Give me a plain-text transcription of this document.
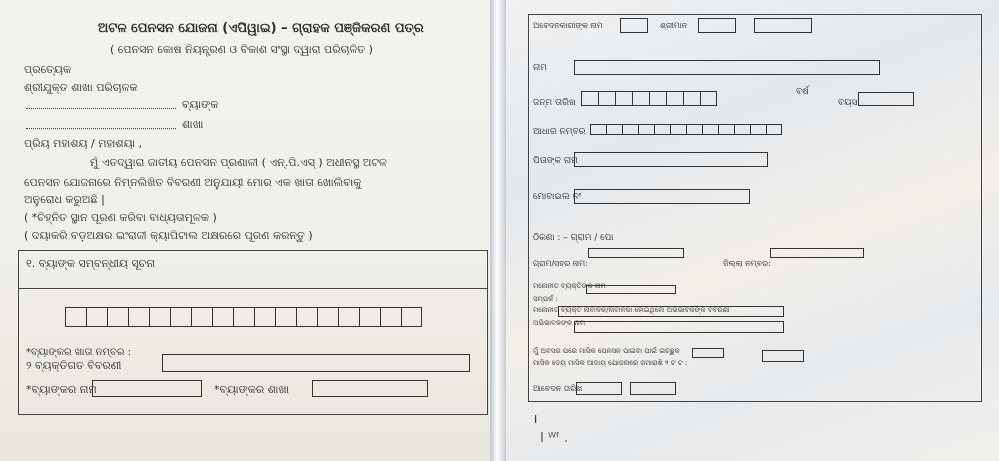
ଅଟଳ ପେନସନ ଯୋଜନା (ଏପିୱାଇ) – ଗ୍ରାହକ ପଞ୍ଜିକରଣ ପତ୍ର
( ପେନସନ କୋଷ ନିୟନ୍ତ୍ରଣ ଓ ବିକାଶ ସଂସ୍ଥା ଦ୍ୱାରା ପରିଚାଳିତ )
ପ୍ରତ୍ୟେକ
ଶ୍ରୀଯୁକ୍ତ ଶାଖା ପରିଚାଳକ
ବ୍ୟାଙ୍କ
ଶାଖା
ପ୍ରିୟ ମହାଶୟ / ମହାଶୟା ,
ମୁଁ ଏତଦ୍ୱାରା ଜାତୀୟ ପେନସନ ପ୍ରଣାଳୀ ( ଏନ୍.ପି.ଏସ୍ ) ଅଧୀନସ୍ଥ ଅଟଳ
ପେନସନ ଯୋଜନାରେ ନିମ୍ନଲିଖିତ ବିବରଣୀ ଅନୁଯାୟୀ ମୋର ଏକ ଖାତା ଖୋଲିବାକୁ
ଅନୁରୋଧ କରୁଅଛି |
( *ଚିହ୍ନିତ ସ୍ଥାନ ପୂରଣ କରିବା ବାଧ୍ୟତାମୂଳକ )
( ଦୟାକରି ବଡ଼ଅକ୍ଷର ଇଂରାଜୀ କ୍ୟାପିଟାଲ ଅକ୍ଷରରେ ପୂରଣ କରନ୍ତୁ )
୧. ବ୍ୟାଙ୍କ ସମ୍ବନ୍ଧୀୟ ସୂଚନା
*ବ୍ୟାଙ୍କର ଖାତା ନମ୍ବର :
୨ ବ୍ୟକ୍ତିଗତ ବିବରଣୀ
*ବ୍ୟାଙ୍କର ନାମ	*ବ୍ୟାଙ୍କର ଶାଖା
ଅବେଦନକାରୀଙ୍କ ନାମ	ଶ୍ରୀମାନ
ନାମ
ଜନ୍ମ ତାରିଖ
ବର୍ଷ
ବୟସ
ଆଧାର ନମ୍ବର
ପିତାଙ୍କ ନାମ
ମୋବାଇଲ ନଂ
ଠିକଣା : – ଗ୍ରାମ / ପୋ
ଗ୍ରାମ/ସହର ନାମ:	ଜିଲ୍ଲା ନମ୍ବର:
ମନୋନୀତ ବ୍ୟକ୍ତିଙ୍କ ନାମ
ସମ୍ପର୍କ :
ମନୋନୀତ ବ୍ୟକ୍ତି ନାବାଳକ/ନାବାଳିକା ହୋଇଥିଲେ ଅଭିଭାବକଙ୍କ ବିବରଣୀ
ଅଭିଭାବକଙ୍କ ନାମ
ମୁଁ ଅବସର ପରେ ମାସିକ ପେନସନ ପାଇବା ପାଇଁ ଇଚ୍ଛୁକ
ମାସିକ ଦେୟ ମାସିକ ଆଦାୟ ଯୋଜନାରେ ଜମାରାଶି ୨ ଟ ଟ :
ଆବେଦନ ତାରିଖ
I
I ᵂᶠ .
